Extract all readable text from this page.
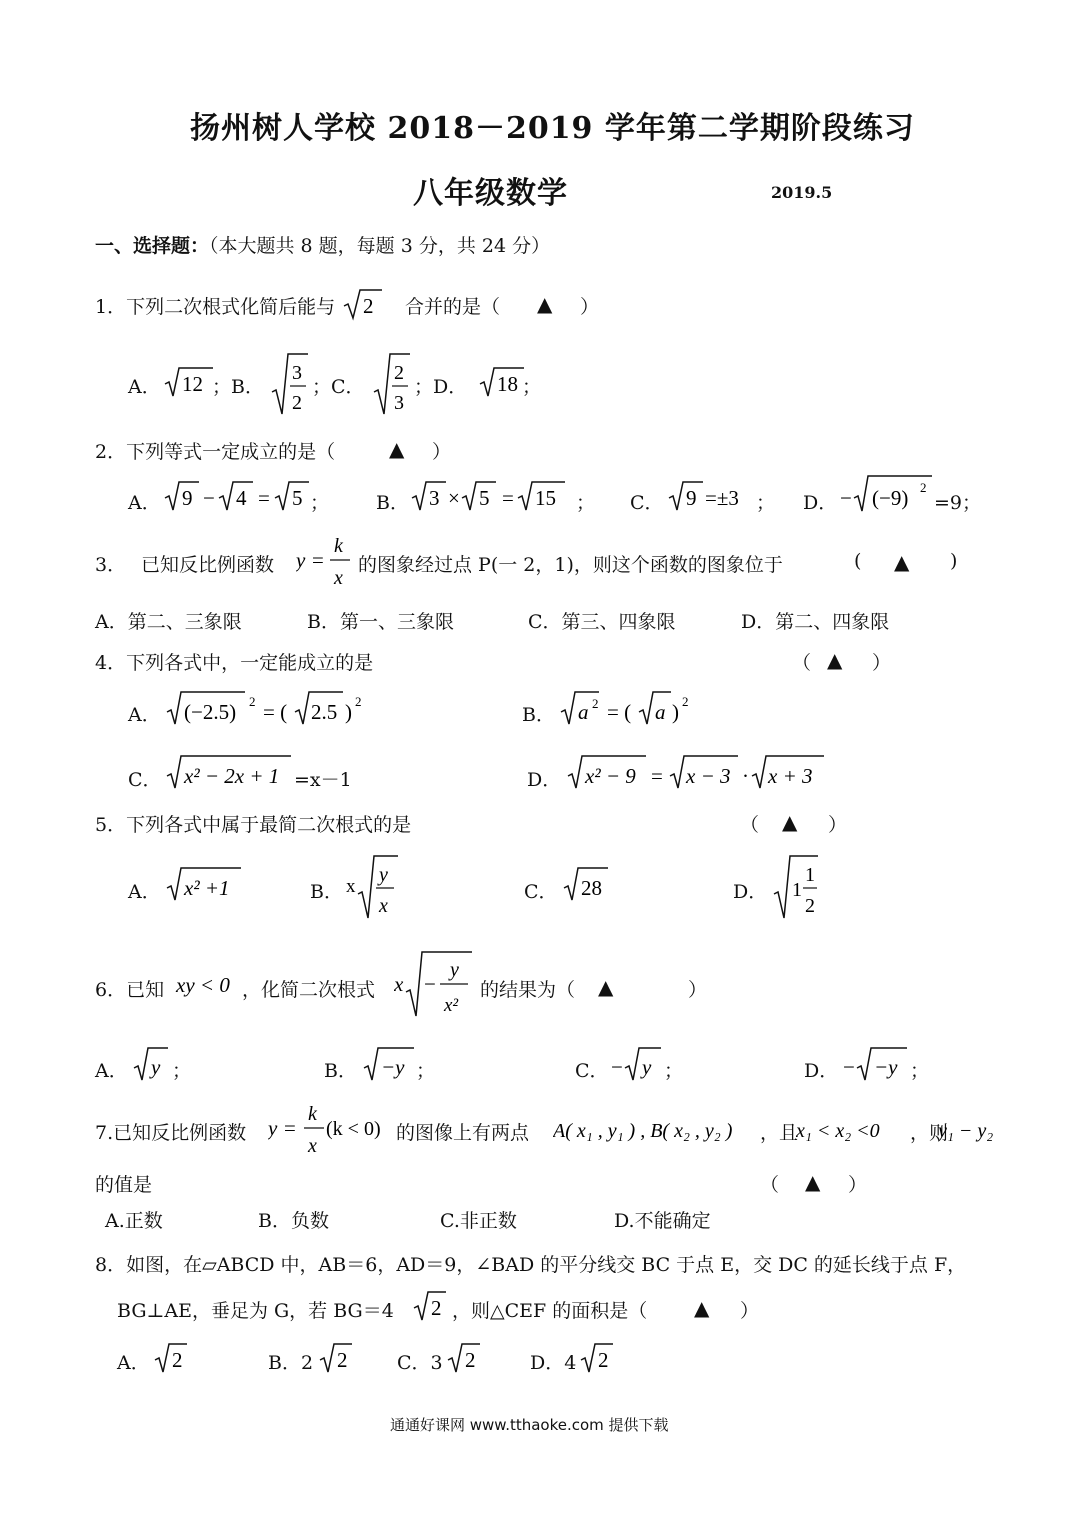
扬州树人学校 2018－2019 学年第二学期阶段练习
八年级数学	2019.5
一、选择题：（本大题共 8 题，每题 3 分，共 24 分）
1．下列二次根式化简后能与 2 合并的是（ ▲ ）
A． 12 ；B．
3
2
；C．
2
3
；D． 18 ；
2．下列等式一定成立的是（	▲ ）
A． 9 − 4 = 5 ； B． 3 × 5 = 15 ； C． 9 =±3 ； D． − (−9) 2
=9；
3． 已知反比例函数 y =
k
x
的图象经过点 P(一 2，1)，则这个函数的图象位于	( ▲ )
A．第二、三象限	B．第一、三象限	C．第三、四象限	D．第二、四象限
4．下列各式中，一定能成立的是	（ ▲ ）
A． (−2.5) 2 = ( 2.5 ) 2
B． a 2 = ( a ) 2
C． x² − 2x + 1 =x－1	D． x² − 9 = x − 3 · x + 3
5．下列各式中属于最简二次根式的是	（ ▲ ）
A． x² +1	B． x
y
x
C． 28	D． 1
1
2
6．已知 xy < 0 ，化简二次根式 x −
y
x²
的结果为（ ▲	）
A． y ；	B． −y ；	C． − y ；	D． − −y ；
7.已知反比例函数 y =
k
x
(k < 0) 的图像上有两点 A( x₁ , y₁ ) , B( x₂ , y₂ ) ，且
x₁ < x₂ <0 ，则
y₁ − y₂
的值是	（ ▲ ）
A.正数	B．负数	C.非正数	D.不能确定
8．如图，在▱ABCD 中，AB＝6，AD＝9，∠BAD 的平分线交 BC 于点 E，交 DC 的延长线于点 F，
BG⊥AE，垂足为 G，若 BG＝4 2 ，则△CEF 的面积是（ ▲ ）
A． 2	B．2 2	C．3 2	D．4 2
通通好课网 www.tthaoke.com 提供下载
